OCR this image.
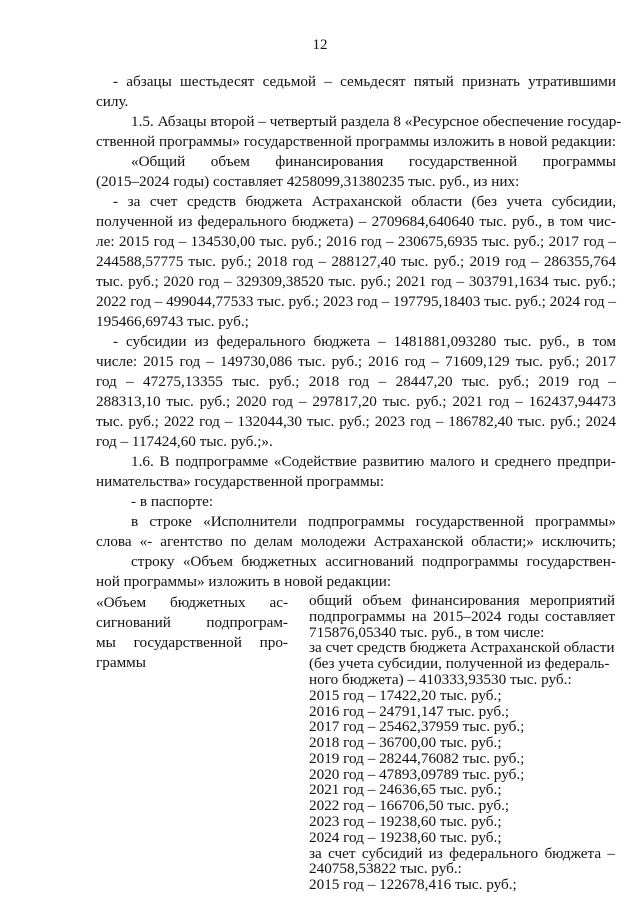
12
- абзацы шестьдесят седьмой – семьдесят пятый признать утратившими
силу.
1.5. Абзацы второй – четвертый раздела 8 «Ресурсное обеспечение государ-
ственной программы» государственной программы изложить в новой редакции:
«Общий объем финансирования государственной программы
(2015–2024 годы) составляет 4258099,31380235 тыс. руб., из них:
- за счет средств бюджета Астраханской области (без учета субсидии,
полученной из федерального бюджета) – 2709684,640640 тыс. руб., в том чис-
ле: 2015 год – 134530,00 тыс. руб.; 2016 год – 230675,6935 тыс. руб.; 2017 год –
244588,57775 тыс. руб.; 2018 год – 288127,40 тыс. руб.; 2019 год – 286355,764
тыс. руб.; 2020 год – 329309,38520 тыс. руб.; 2021 год – 303791,1634 тыс. руб.;
2022 год – 499044,77533 тыс. руб.; 2023 год – 197795,18403 тыс. руб.; 2024 год –
195466,69743 тыс. руб.;
- субсидии из федерального бюджета – 1481881,093280 тыс. руб., в том
числе: 2015 год – 149730,086 тыс. руб.; 2016 год – 71609,129 тыс. руб.; 2017
год – 47275,13355 тыс. руб.; 2018 год – 28447,20 тыс. руб.; 2019 год –
288313,10 тыс. руб.; 2020 год – 297817,20 тыс. руб.; 2021 год – 162437,94473
тыс. руб.; 2022 год – 132044,30 тыс. руб.; 2023 год – 186782,40 тыс. руб.; 2024
год – 117424,60 тыс. руб.;».
1.6. В подпрограмме «Содействие развитию малого и среднего предпри-
нимательства» государственной программы:
- в паспорте:
в строке «Исполнители подпрограммы государственной программы»
слова «- агентство по делам молодежи Астраханской области;» исключить;
строку «Объем бюджетных ассигнований подпрограммы государствен-
ной программы» изложить в новой редакции:
«Объем бюджетных ас-
сигнований подпрограм-
мы государственной про-
граммы
общий объем финансирования мероприятий
подпрограммы на 2015–2024 годы составляет
715876,05340 тыс. руб., в том числе:
за счет средств бюджета Астраханской области
(без учета субсидии, полученной из федераль-
ного бюджета) – 410333,93530 тыс. руб.:
2015 год – 17422,20 тыс. руб.;
2016 год – 24791,147 тыс. руб.;
2017 год – 25462,37959 тыс. руб.;
2018 год – 36700,00 тыс. руб.;
2019 год – 28244,76082 тыс. руб.;
2020 год – 47893,09789 тыс. руб.;
2021 год – 24636,65 тыс. руб.;
2022 год – 166706,50 тыс. руб.;
2023 год – 19238,60 тыс. руб.;
2024 год – 19238,60 тыс. руб.;
за счет субсидий из федерального бюджета –
240758,53822 тыс. руб.:
2015 год – 122678,416 тыс. руб.;
